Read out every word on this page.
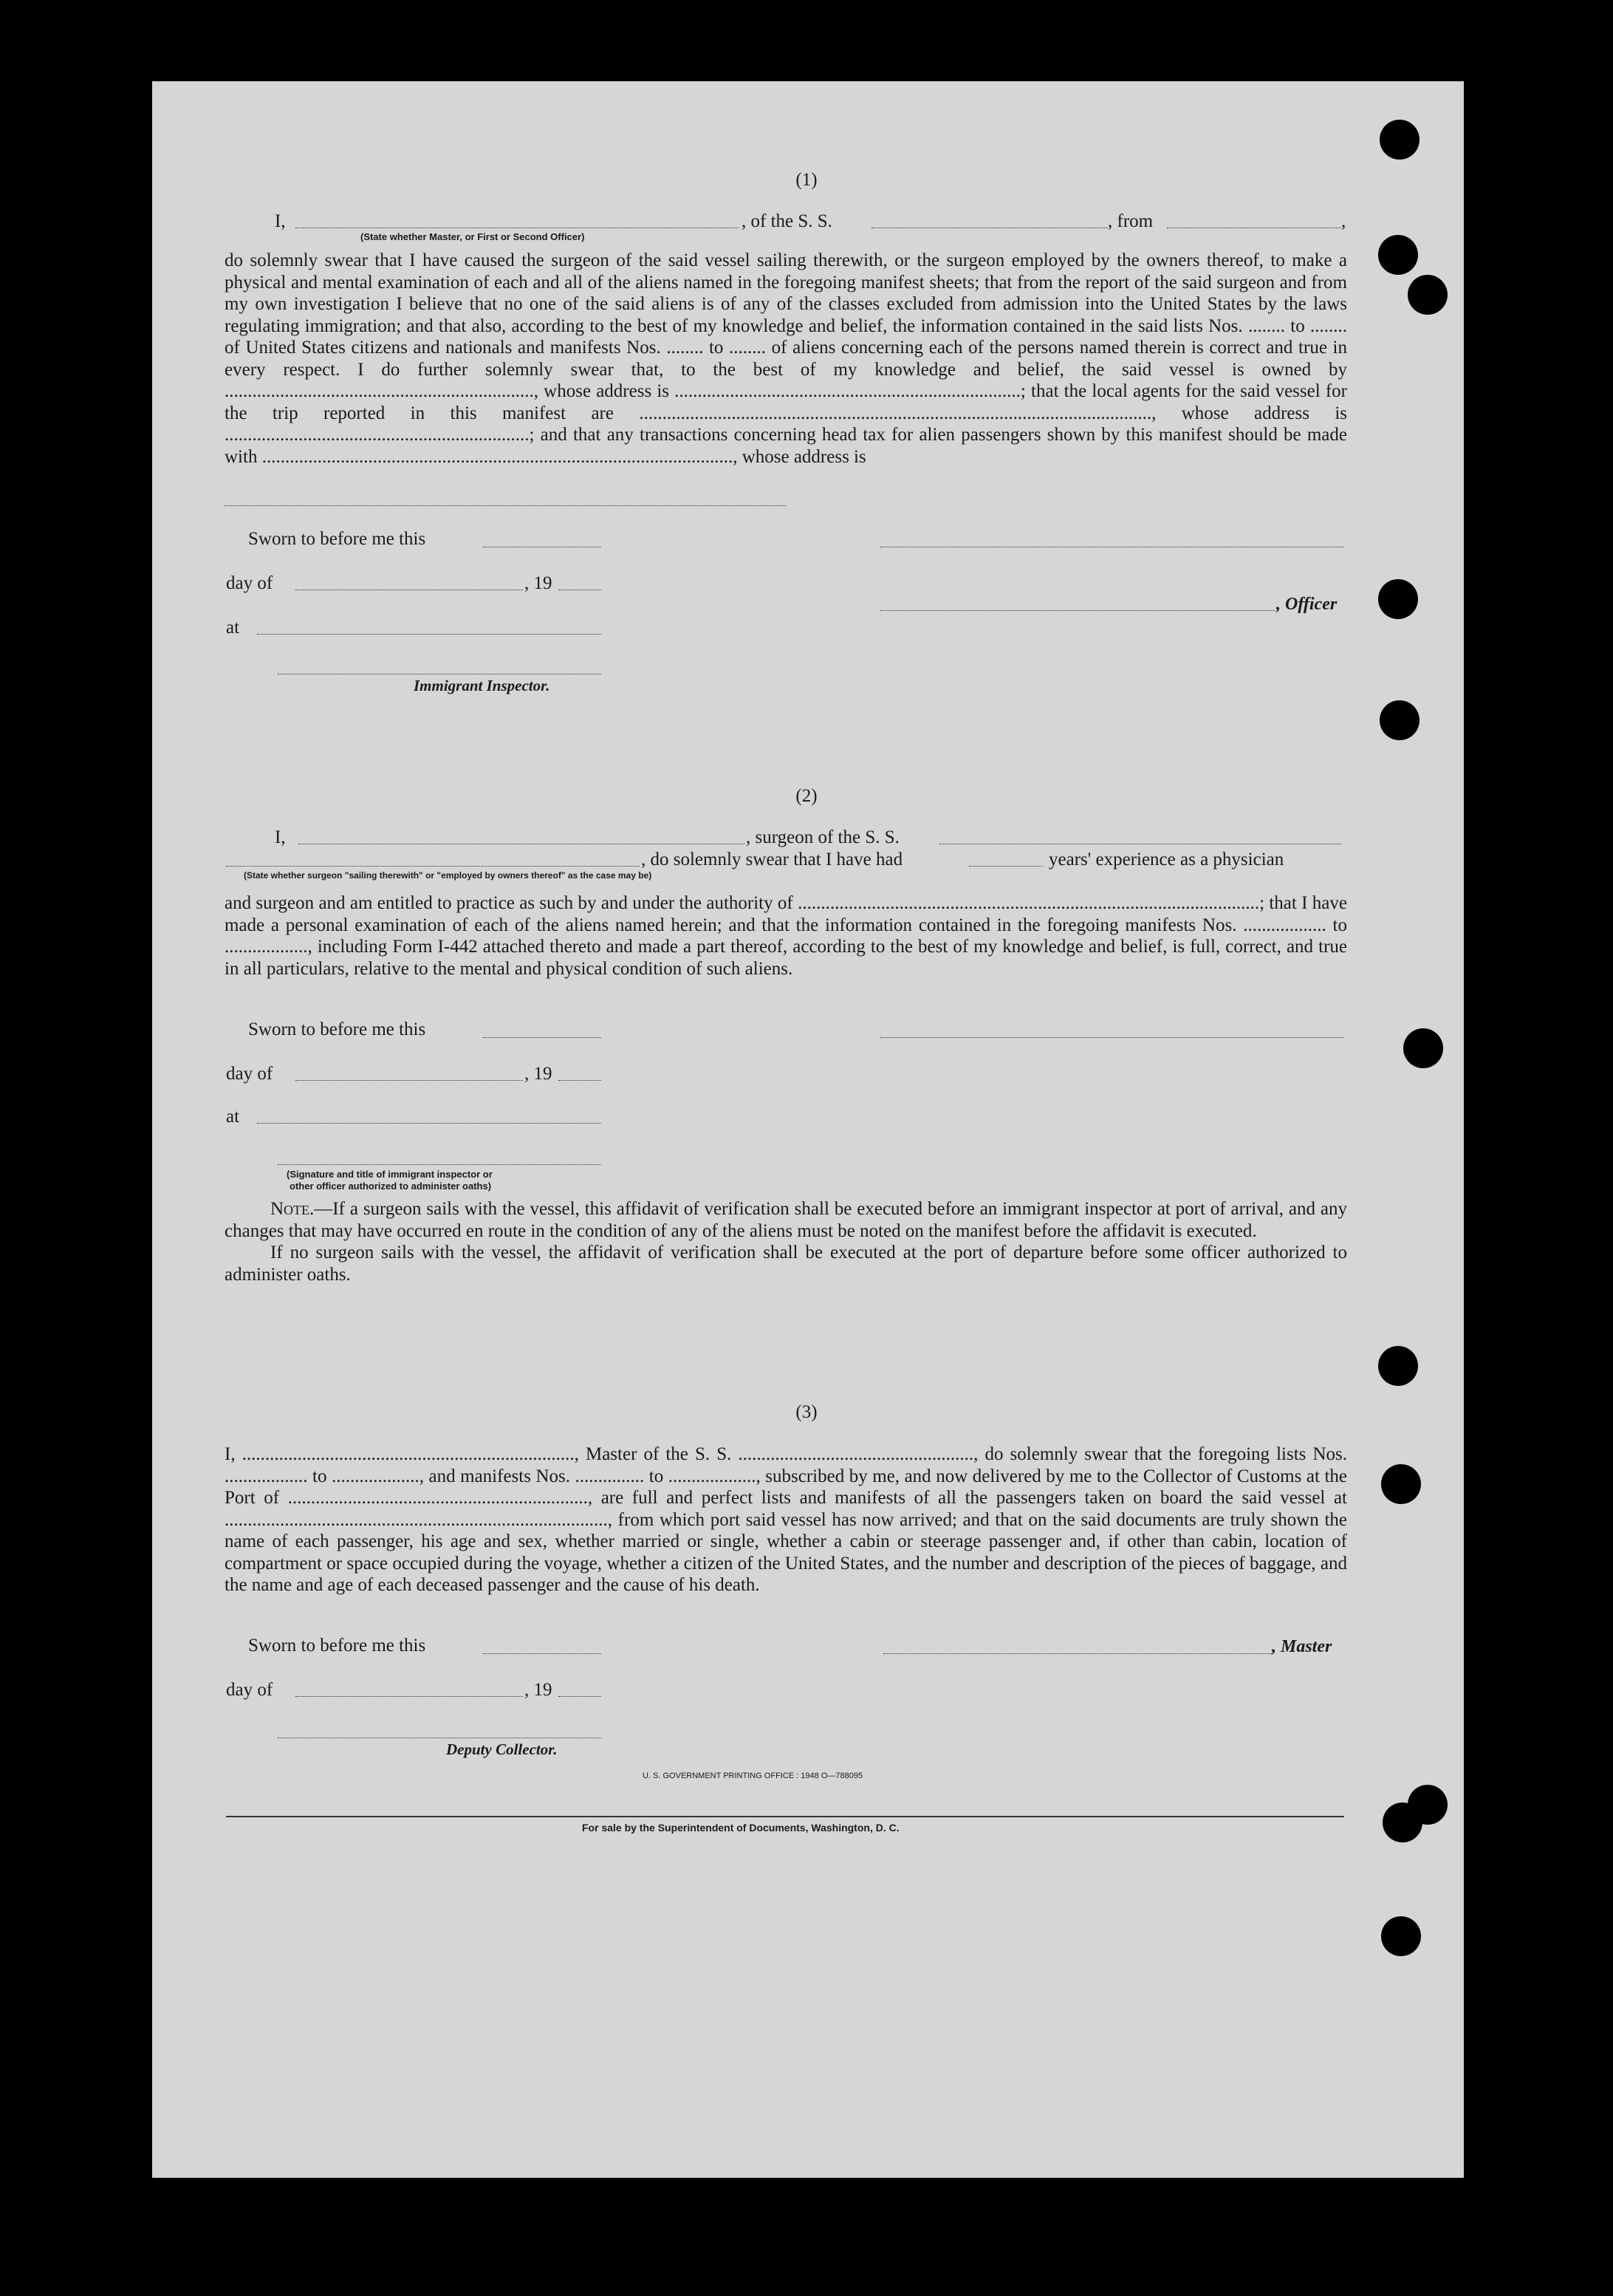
(1)
I,	, of the S. S.	, from	,
(State whether Master, or First or Second Officer)
do solemnly swear that I have caused the surgeon of the said vessel sailing therewith, or the surgeon employed by the owners thereof, to make a physical and mental examination of each and all of the aliens named in the foregoing manifest sheets; that from the report of the said surgeon and from my own investigation I believe that no one of the said aliens is of any of the classes excluded from admission into the United States by the laws regulating immigration; and that also, according to the best of my knowledge and belief, the information contained in the said lists Nos. ........ to ........ of United States citizens and nationals and manifests Nos. ........ to ........ of aliens concerning each of the persons named therein is correct and true in every respect. I do further solemnly swear that, to the best of my knowledge and belief, the said vessel is owned by ..................................................................., whose address is ...........................................................................; that the local agents for the said vessel for the trip reported in this manifest are ..............................................................................................................., whose address is ..................................................................; and that any transactions concerning head tax for alien passengers shown by this manifest should be made with ......................................................................................................, whose address is
Sworn to before me this
day of	, 19
, Officer
at
Immigrant Inspector.
(2)
I,	, surgeon of the S. S.
, do solemnly swear that I have had	years' experience as a physician
(State whether surgeon "sailing therewith" or "employed by owners thereof" as the case may be)
and surgeon and am entitled to practice as such by and under the authority of ....................................................................................................; that I have made a personal examination of each of the aliens named herein; and that the information contained in the foregoing manifests Nos. .................. to .................., including Form I-442 attached thereto and made a part thereof, according to the best of my knowledge and belief, is full, correct, and true in all particulars, relative to the mental and physical condition of such aliens.
Sworn to before me this
day of	, 19
at
(Signature and title of immigrant inspector or
other officer authorized to administer oaths)

Note.—If a surgeon sails with the vessel, this affidavit of verification shall be executed before an immigrant inspector at port of arrival, and any changes that may have occurred en route in the condition of any of the aliens must be noted on the manifest before the affidavit is executed.

If no surgeon sails with the vessel, the affidavit of verification shall be executed at the port of departure before some officer authorized to administer oaths.

(3)
I, ........................................................................, Master of the S. S. ..................................................., do solemnly swear that the foregoing lists Nos. .................. to ..................., and manifests Nos. ............... to ..................., subscribed by me, and now delivered by me to the Collector of Customs at the Port of ................................................................., are full and perfect lists and manifests of all the passengers taken on board the said vessel at ..................................................................................., from which port said vessel has now arrived; and that on the said documents are truly shown the name of each passenger, his age and sex, whether married or single, whether a cabin or steerage passenger and, if other than cabin, location of compartment or space occupied during the voyage, whether a citizen of the United States, and the number and description of the pieces of baggage, and the name and age of each deceased passenger and the cause of his death.
Sworn to before me this	, Master
day of	, 19
Deputy Collector.
U. S. GOVERNMENT PRINTING OFFICE : 1948 O—788095
For sale by the Superintendent of Documents, Washington, D. C.
